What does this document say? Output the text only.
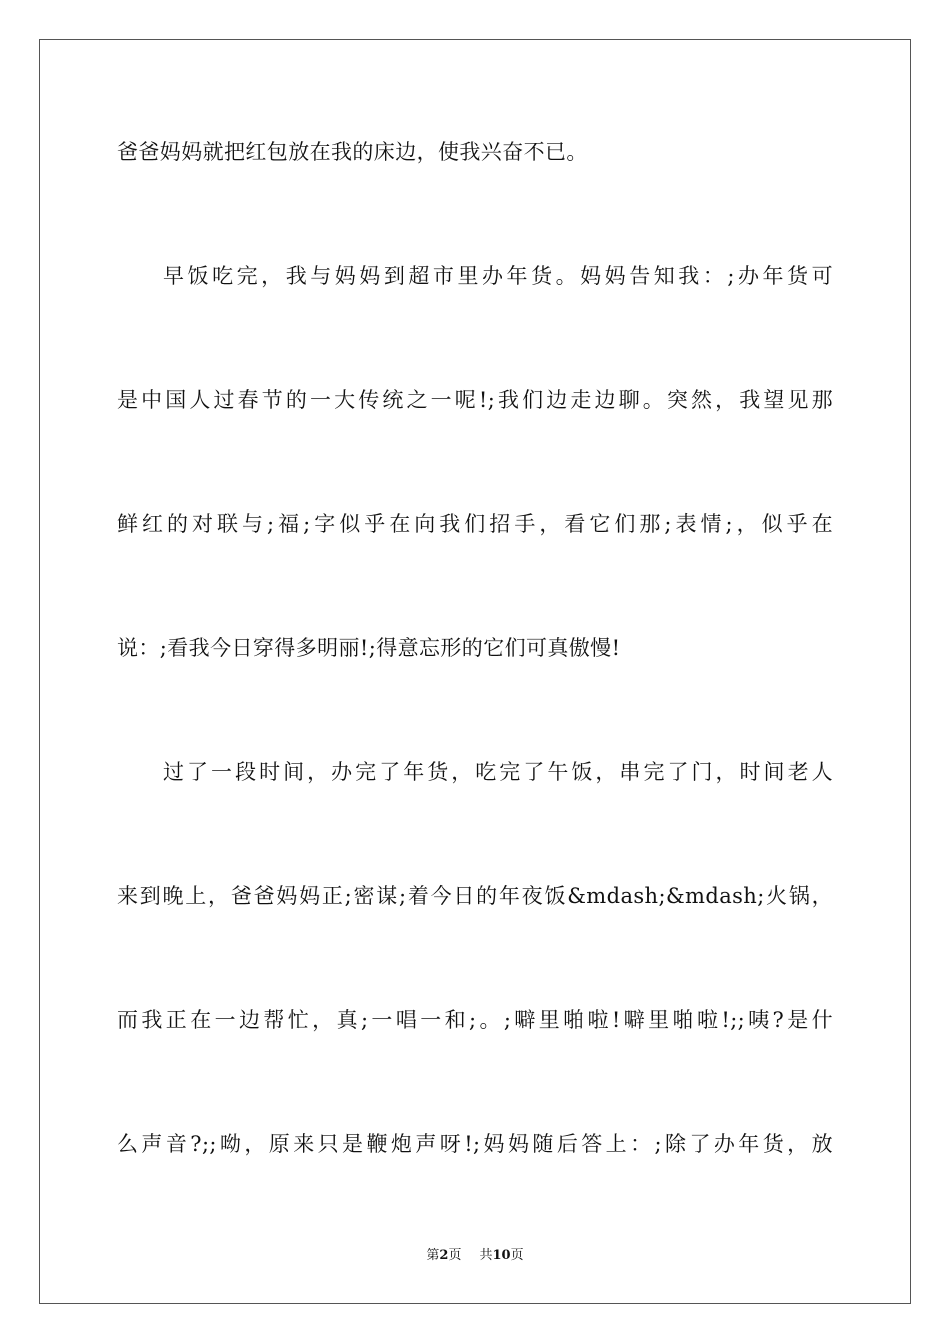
爸爸妈妈就把红包放在我的床边，使我兴奋不已。
早饭吃完，我与妈妈到超市里办年货。妈妈告知我：;办年货可
是中国人过春节的一大传统之一呢!;我们边走边聊。突然，我望见那
鲜红的对联与;福;字似乎在向我们招手，看它们那;表情;，似乎在
说：;看我今日穿得多明丽!;得意忘形的它们可真傲慢!
过了一段时间，办完了年货，吃完了午饭，串完了门，时间老人
来到晚上，爸爸妈妈正;密谋;着今日的年夜饭&mdash;&mdash;火锅，
而我正在一边帮忙，真;一唱一和;。;噼里啪啦!噼里啪啦!;;咦?是什
么声音?;;呦，原来只是鞭炮声呀!;妈妈随后答上：;除了办年货，放
第2页 共10页
